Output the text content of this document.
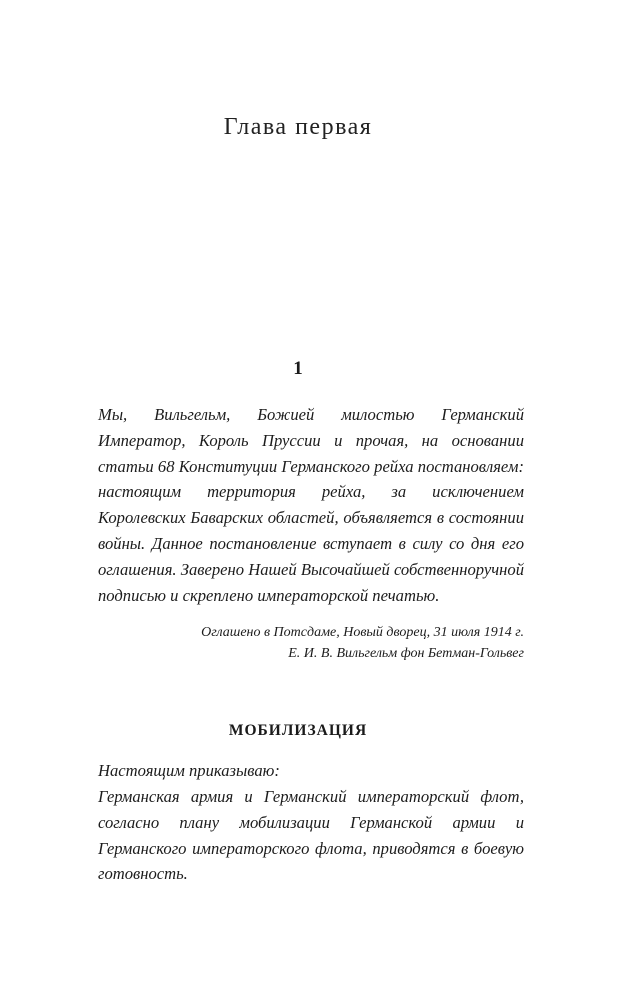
Глава первая
1

Мы, Вильгельм, Божией милостью Германский Император, Король Пруссии и прочая, на основании статьи 68 Конституции Германского рейха постановляем: настоящим территория рейха, за исключением Королевских Баварских областей, объявляется в состоянии войны. Данное постановление вступает в силу со дня его оглашения. Заверено Нашей Высочайшей собственноручной подписью и скреплено императорской печатью.

Оглашено в Потсдаме, Новый дворец, 31 июля 1914 г.
Е. И. В. Вильгельм фон Бетман-Гольвег
МОБИЛИЗАЦИЯ

Настоящим приказываю:

Германская армия и Германский императорский флот, согласно плану мобилизации Германской армии и Германского императорского флота, приводятся в боевую готовность.
